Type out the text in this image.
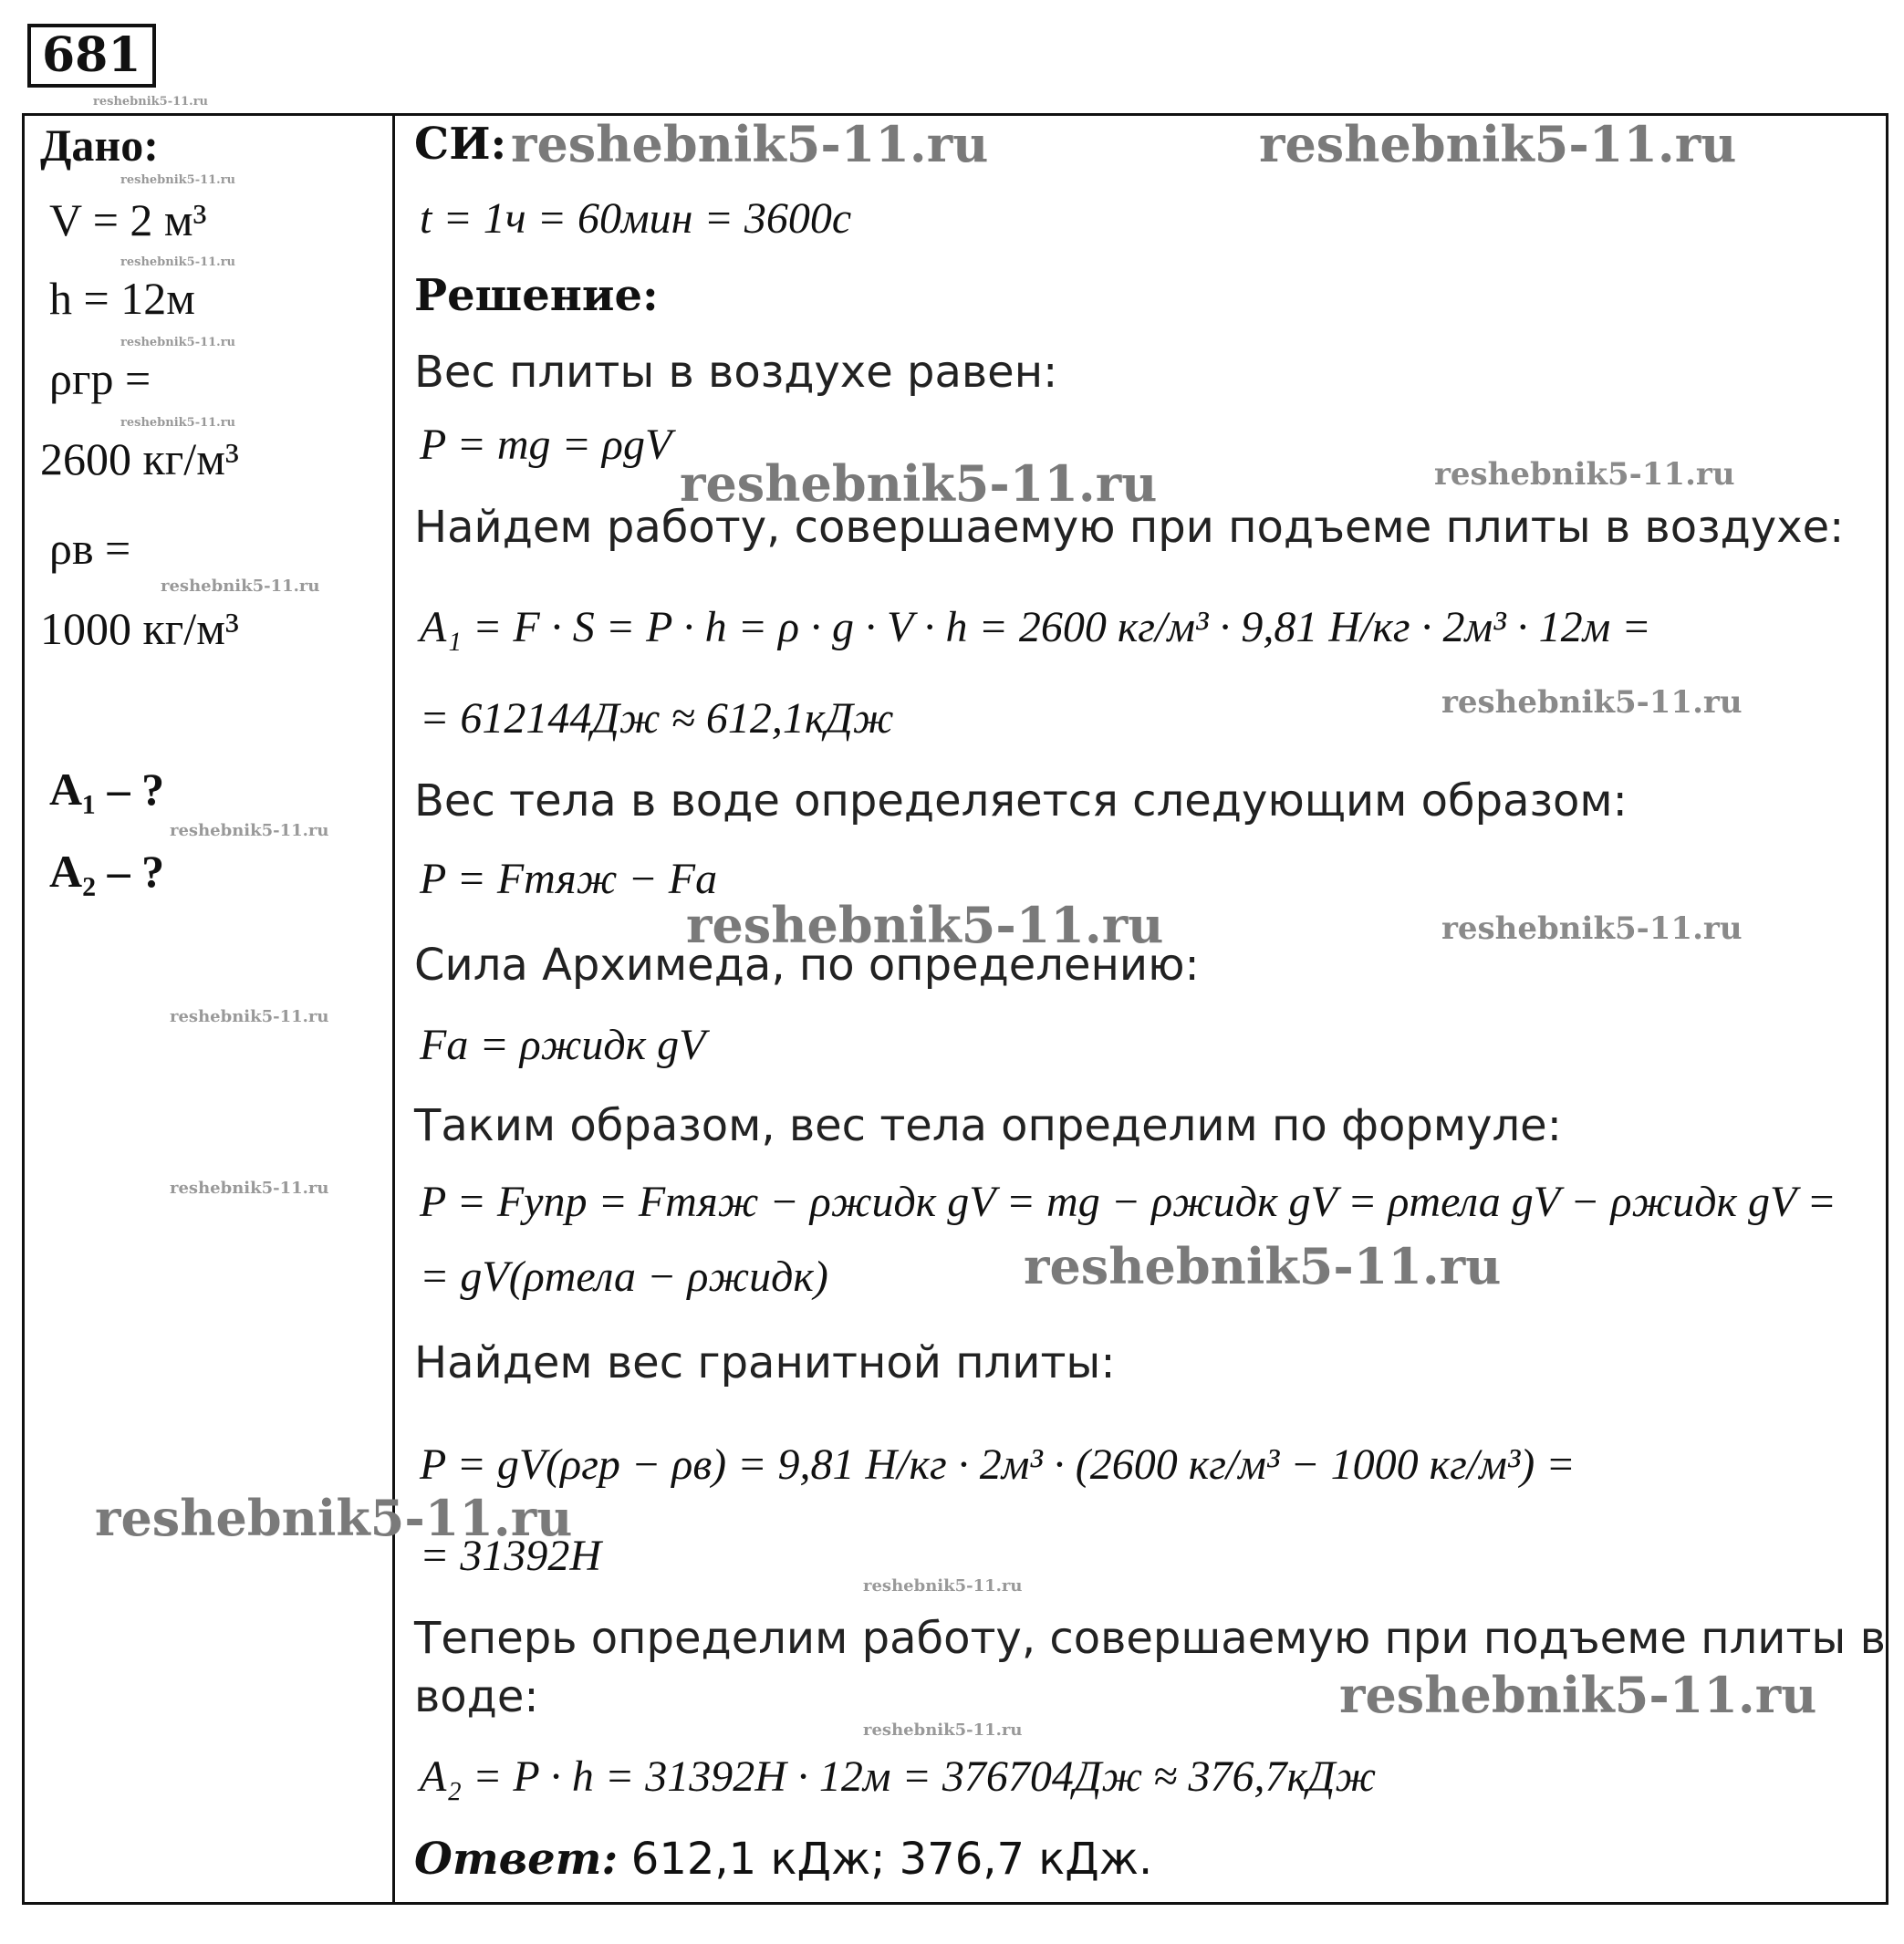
681
Дано:
V = 2 м³
h = 12м
ρгр =
2600 кг/м³
ρв =
1000 кг/м³
A₁ – ?
A₂ – ?
СИ:
t = 1ч = 60мин = 3600с
Решение:
Вес плиты в воздухе равен:
P = mg = ρgV
Найдем работу, совершаемую при подъеме плиты в воздухе:
A₁ = F · S = P · h = ρ · g · V · h = 2600 кг/м³ · 9,81 Н/кг · 2м³ · 12м =
= 612144Дж ≈ 612,1кДж
Вес тела в воде определяется следующим образом:
P = Fтяж − Fа
Сила Архимеда, по определению:
Fа = ρжидк gV
Таким образом, вес тела определим по формуле:
P = Fупр = Fтяж − ρжидк gV = mg − ρжидк gV = ρтела gV − ρжидк gV =
= gV(ρтела − ρжидк)
Найдем вес гранитной плиты:
P = gV(ρгр − ρв) = 9,81 Н/кг · 2м³ · (2600 кг/м³ − 1000 кг/м³) =
= 31392Н
Теперь определим работу, совершаемую при подъеме плиты в
воде:
A₂ = P · h = 31392Н · 12м = 376704Дж ≈ 376,7кДж
Ответ: 612,1 кДж; 376,7 кДж.
reshebnik5-11.ru
reshebnik5-11.ru
reshebnik5-11.ru
reshebnik5-11.ru
reshebnik5-11.ru
reshebnik5-11.ru
reshebnik5-11.ru
reshebnik5-11.ru
reshebnik5-11.ru
reshebnik5-11.ru	reshebnik5-11.ru
reshebnik5-11.ru	reshebnik5-11.ru
reshebnik5-11.ru
reshebnik5-11.ru	reshebnik5-11.ru
reshebnik5-11.ru
reshebnik5-11.ru
reshebnik5-11.ru
reshebnik5-11.ru
reshebnik5-11.ru
